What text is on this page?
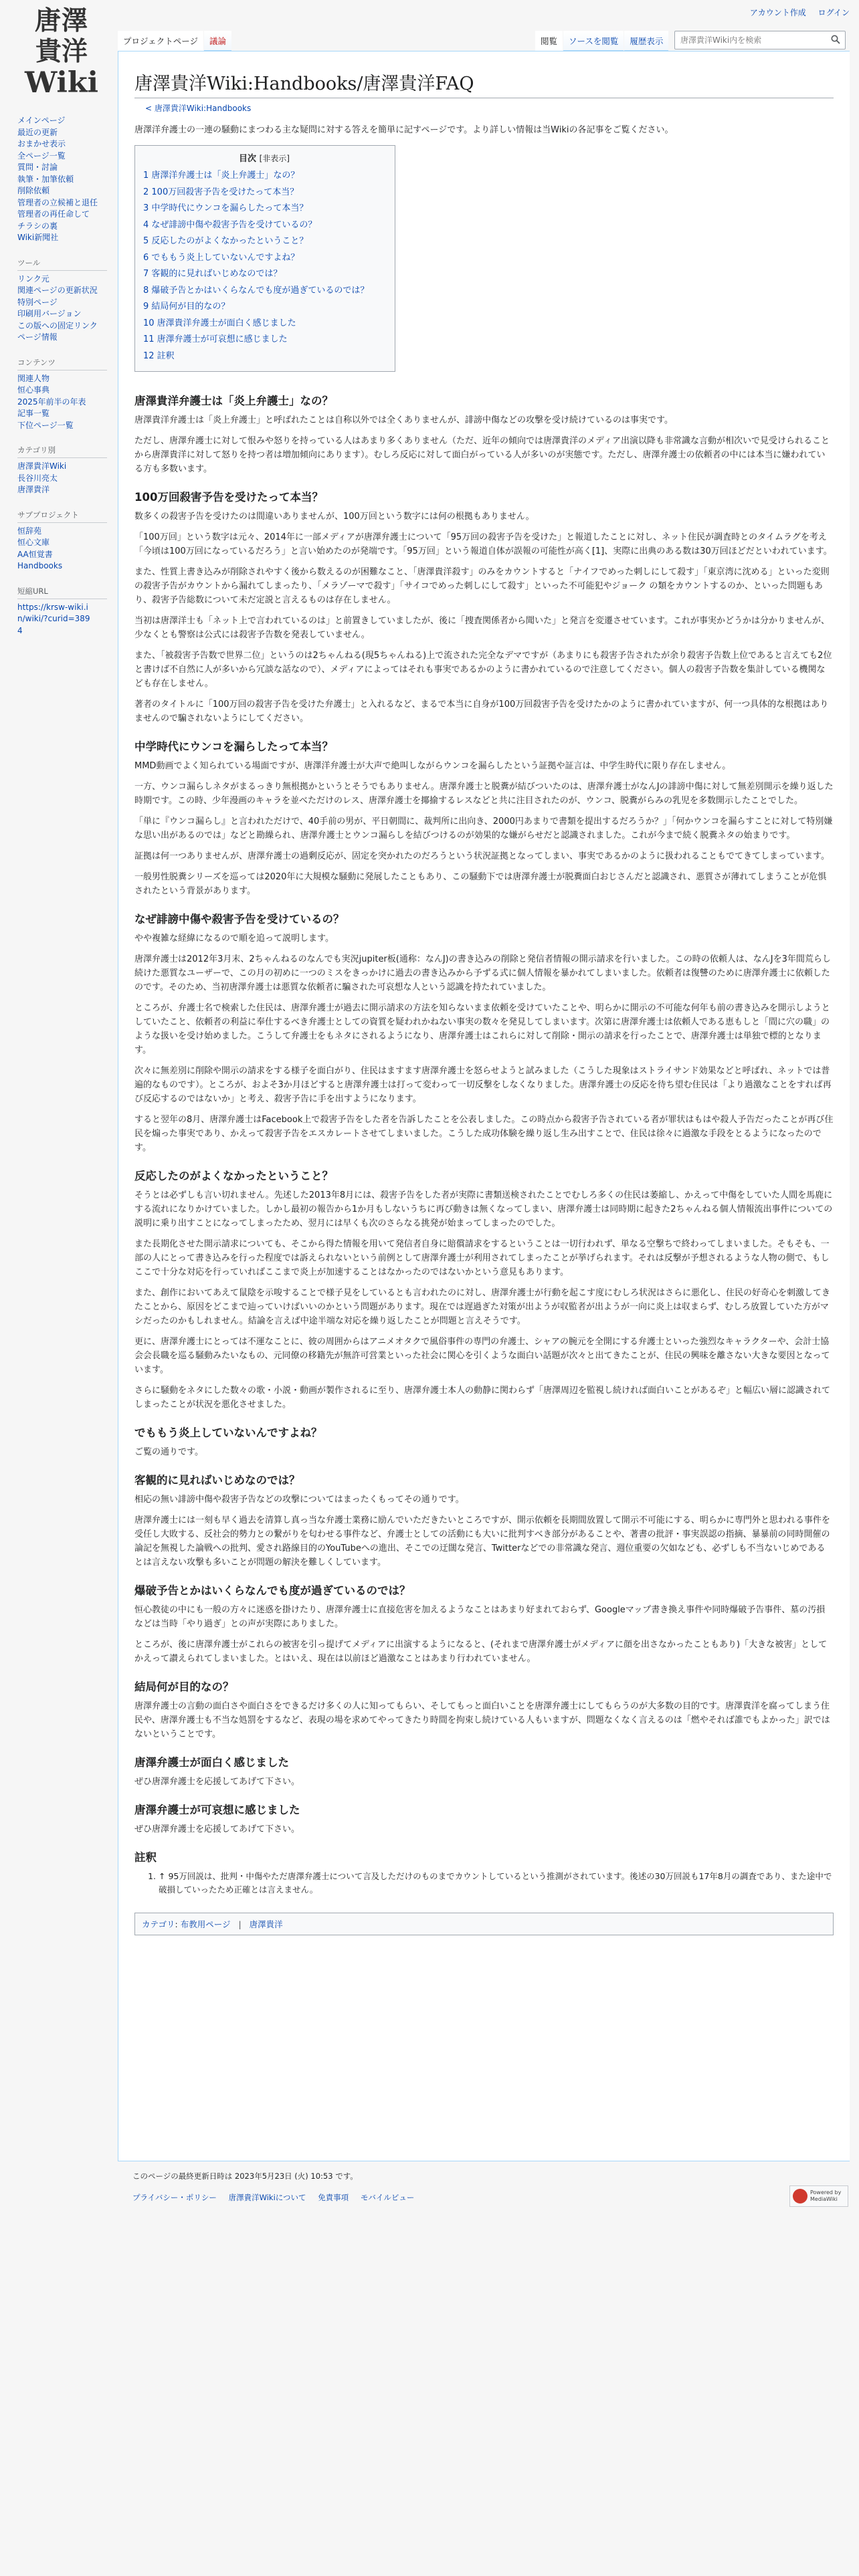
唐澤
貴洋
Wiki
アカウント作成 ログイン
プロジェクトページ	議論	閲覧	ソースを閲覧	履歴表示
唐澤貴洋Wiki内を検索
メインページ
最近の更新
おまかせ表示
全ページ一覧
質問・討論
執筆・加筆依頼
削除依頼
管理者の立候補と退任
管理者の再任命して
チラシの裏
Wiki新聞社
ツール
リンク元
関連ページの更新状況
特別ページ
印刷用バージョン
この版への固定リンク
ページ情報
コンテンツ
関連人物
恒心事典
2025年前半の年表
記事一覧
下位ページ一覧
カテゴリ別
唐澤貴洋Wiki
長谷川亮太
唐澤貴洋
サブプロジェクト
恒辞苑
恒心文庫
AA恒覚書
Handbooks
短縮URL
https://krsw-wiki.in/wiki/?curid=3894
唐澤貴洋Wiki:Handbooks/唐澤貴洋FAQ
< 唐澤貴洋Wiki:Handbooks

唐澤洋弁護士の一連の騒動にまつわる主な疑問に対する答えを簡単に記すページです。より詳しい情報は当Wikiの各記事をご覧ください。

目次 [非表示]
1 唐澤洋弁護士は「炎上弁護士」なの？
2 100万回殺害予告を受けたって本当？
3 中学時代にウンコを漏らしたって本当？
4 なぜ誹謗中傷や殺害予告を受けているの？
5 反応したのがよくなかったということ？
6 でももう炎上していないんですよね？
7 客観的に見ればいじめなのでは？
8 爆破予告とかはいくらなんでも度が過ぎているのでは？
9 結局何が目的なの？
10 唐澤貴洋弁護士が面白く感じました
11 唐澤弁護士が可哀想に感じました
12 註釈
唐澤貴洋弁護士は「炎上弁護士」なの？

唐澤貴洋弁護士は「炎上弁護士」と呼ばれたことは自称以外では全くありませんが、誹謗中傷などの攻撃を受け続けているのは事実です。

ただし、唐澤弁護士に対して恨みや怒りを持っている人はあまり多くありません（ただ、近年の傾向では唐澤貴洋のメディア出演以降も非常識な言動が相次いで見受けられることから唐澤貴洋に対して怒りを持つ者は増加傾向にあります）。むしろ反応に対して面白がっている人が多いのが実態です。ただし、唐澤弁護士の依頼者の中には本当に嫌われている方も多数います。

100万回殺害予告を受けたって本当？

数多くの殺害予告を受けたのは間違いありませんが、100万回という数字には何の根拠もありません。

「100万回」という数字は元々、2014年に一部メディアが唐澤弁護士について「95万回の殺害予告を受けた」と報道したことに対し、ネット住民が調査時とのタイムラグを考え「今頃は100万回になっているだろう」と言い始めたのが発端です。「95万回」という報道自体が誤報の可能性が高く[1]、実際に出典のある数は30万回ほどだといわれています。

また、性質上書き込みが削除されやすく後から数えるのが困難なこと、「唐澤貴洋殺す」のみをカウントすると「ナイフでめった刺しにして殺す」「東京湾に沈める」といった変則の殺害予告がカウントから漏れてしまったり、「メラゾーマで殺す」「サイコでめった刺しにして殺す」といった不可能犯やジョーク の類をカウントするのか、といった問題もあり、殺害予告総数について未だ定説と言えるものは存在しません。

当初は唐澤洋士も「ネット上で言われているのは」と前置きしていましたが、後に「捜査関係者から聞いた」と発言を変遷させています。これが事実かどうかは分かりませんが、少なくとも警察は公式には殺害予告数を発表していません。

また、「被殺害予告数で世界二位」というのは2ちゃんねる(現5ちゃんねる)上で流された完全なデマですが（あまりにも殺害予告されたが余り殺害予告数上位であると言えても2位と書けば不自然に人が多いから冗談な話なので）、メディアによってはそれも事実であるかのように書かれているので注意してください。個人の殺害予告数を集計している機関なども存在しません。

著者のタイトルに「100万回の殺害予告を受けた弁護士」と入れるなど、まるで本当に自身が100万回殺害予告を受けたかのように書かれていますが、何一つ具体的な根拠はありませんので騙されないようにしてください。

中学時代にウンコを漏らしたって本当？

MMD動画でよく知られている場面ですが、唐澤洋弁護士が大声で絶叫しながらウンコを漏らしたという証拠や証言は、中学生時代に限り存在しません。

一方、ウンコ漏らしネタがまるっきり無根拠かというとそうでもありません。唐澤弁護士と脱糞が結びついたのは、唐澤弁護士がなんJの誹謗中傷に対して無差別開示を繰り返した時期です。この時、少年漫画のキャラを並べただけのレス、唐澤弁護士を揶揄するレスなどと共に注目されたのが、ウンコ、脱糞がらみの乳児を多数開示したことでした。

「単に『ウンコ漏らし』と言われただけで、40手前の男が、平日朝間に、裁判所に出向き、2000円あまりで書類を提出するだろうか？」「何かウンコを漏らすことに対して特別嫌な思い出があるのでは」などと勘繰られ、唐澤弁護士とウンコ漏らしを結びつけるのが効果的な嫌がらせだと認識されました。これが今まで続く脱糞ネタの始まりです。

証拠は何一つありませんが、唐澤弁護士の過剰反応が、固定を突かれたのだろうという状況証拠となってしまい、事実であるかのように扱われることもでてきてしまっています。

一般男性脱糞シリーズを巡っては2020年に大規模な騒動に発展したこともあり、この騒動下では唐澤弁護士が脱糞面白おじさんだと認識され、悪質さが薄れてしまうことが危惧されたという背景があります。

なぜ誹謗中傷や殺害予告を受けているの？

やや複雑な経緯になるので順を追って説明します。

唐澤弁護士は2012年3月末、2ちゃんねるのなんでも実況jupiter板(通称：なんJ)の書き込みの削除と発信者情報の開示請求を行いました。この時の依頼人は、なんJを3年間荒らし続けた悪質なユーザーで、この月の初めに一つのミスをきっかけに過去の書き込みから予ずる式に個人情報を暴かれてしまいました。依頼者は復讐のために唐澤弁護士に依頼したのです。そのため、当初唐澤弁護士は悪質な依頼者に騙された可哀想な人という認識を持たれていました。

ところが、弁護士名で検索した住民は、唐澤弁護士が過去に開示請求の方法を知らないまま依頼を受けていたことや、明らかに開示の不可能な何年も前の書き込みを開示しようとしていたこと、依頼者の利益に奉仕するべき弁護士としての資質を疑われかねない事実の数々を発見してしまいます。次第に唐澤弁護士は依頼人である恵もしと「間に穴の職」のような扱いを受け始めました。こうして弁護士をもネタにされるようになり、唐澤弁護士はこれらに対して削除・開示の請求を行ったことで、唐澤弁護士は単独で標的となります。

次々に無差別に削除や開示の請求をする様子を面白がり、住民はますます唐澤弁護士を怒らせようと試みました（こうした現象はストライサンド効果などと呼ばれ、ネットでは普遍的なものです）。ところが、およそ3か月ほどすると唐澤弁護士は打って変わって一切反撃をしなくなりました。唐澤弁護士の反応を待ち望む住民は「より過激なことをすれば再び反応するのではないか」と考え、殺害予告に手を出すようになります。

すると翌年の8月、唐澤弁護士はFacebook上で殺害予告をした者を告訴したことを公表しました。この時点から殺害予告されている者が罪状はもはや殺人予告だったことが再び住民を煽った事実であり、かえって殺害予告をエスカレートさせてしまいました。こうした成功体験を繰り返し生み出すことで、住民は徐々に過激な手段をとるようになったのです。

反応したのがよくなかったということ？

そうとは必ずしも言い切れません。先述した2013年8月には、殺害予告をした者が実際に書類送検されたことでむしろ多くの住民は萎縮し、かえって中傷をしていた人間を馬鹿にする流れになりかけていました。しかし最初の報告から1か月もしないうちに再び動きは無くなってしまい、唐澤弁護士は同時期に起きた2ちゃんねる個人情報流出事件についての説明に乗り出すことになってしまったため、翌月には早くも次のさらなる挑発が始まってしまったのでした。

また長期化させた開示請求についても、そこから得た情報を用いて発信者自身に賠償請求をするということは一切行われず、単なる空撃ちで終わってしまいました。そもそも、一部の人にとって書き込みを行った程度では訴えられないという前例として唐澤弁護士が利用されてしまったことが挙げられます。それは反撃が予想されるような人物の側で、もしここで十分な対応を行っていればここまで炎上が加速することはなかったのではないかという意見もあります。

また、創作においてあえて鼠陰を示唆することで様子見をしているとも言われたのに対し、唐澤弁護士が行動を起こす度にむしろ状況はさらに悪化し、住民の好奇心を刺激してきたことから、原因をどこまで辿っていけばいいのかという問題があります。現在では遅過ぎた対策が出ようが収監者が出ようが一向に炎上は収まらず、むしろ放置していた方がマシだったのかもしれません。結論を言えば中途半端な対応を繰り返したことが問題と言えそうです。

更に、唐澤弁護士にとっては不運なことに、彼の周囲からはアニメオタクで風俗事件の専門の弁護士、シャアの腕元を全開にする弁護士といった強烈なキャラクターや、会計士協会会長職を巡る騒動みたいなもの、元同僚の移籍先が無許可営業といった社会に関心を引くような面白い話題が次々と出てきたことが、住民の興味を離さない大きな要因となっています。

さらに騒動をネタにした数々の歌・小説・動画が製作されるに至り、唐澤弁護士本人の動静に関わらず「唐澤周辺を監視し続ければ面白いことがあるぞ」と幅広い層に認識されてしまったことが状況を悪化させました。

でももう炎上していないんですよね？

ご覧の通りです。

客観的に見ればいじめなのでは？

相応の無い誹謗中傷や殺害予告などの攻撃についてはまったくもってその通りです。

唐澤弁護士には一刻も早く過去を清算し真っ当な弁護士業務に励んでいただきたいところですが、開示依頼を長期間放置して開示不可能にする、明らかに専門外と思われる事件を受任し大敗する、反社会的勢力との繋がりを匂わせる事件など、弁護士としての活動にも大いに批判すべき部分があることや、著書の批評・事実誤認の指摘、暴暴前の同時開催の論記を無視した論戦への批判、愛され路線目的のYouTubeへの進出、そこでの迂闊な発言、Twitterなどでの非常識な発言、週位重要の欠如なども、必ずしも不当ないじめであるとは言えない攻撃も多いことが問題の解決を難しくしています。

爆破予告とかはいくらなんでも度が過ぎているのでは？

恒心教徒の中にも一般の方々に迷惑を掛けたり、唐澤弁護士に直接危害を加えるようなことはあまり好まれておらず、Googleマップ書き換え事件や同時爆破予告事件、墓の汚損などは当時「やり過ぎ」との声が実際にありました。

ところが、後に唐澤弁護士がこれらの被害を引っ提げてメディアに出演するようになると、(それまで唐澤弁護士がメディアに顔を出さなかったこともあり)「大きな被害」としてかえって讃えられてしまいました。とはいえ、現在は以前ほど過激なことはあまり行われていません。

結局何が目的なの？

唐澤弁護士の言動の面白さや面白さをできるだけ多くの人に知ってもらい、そしてもっと面白いことを唐澤弁護士にしてもらうのが大多数の目的です。唐澤貴洋を腐ってしまう住民や、唐澤弁護士も不当な処罰をするなど、表現の場を求めてやってきたり時間を拘束し続けている人もいますが、問題なくなく言えるのは「燃やそれば誰でもよかった」訳ではないということです。

唐澤弁護士が面白く感じました

ぜひ唐澤弁護士を応援してあげて下さい。

唐澤弁護士が可哀想に感じました

ぜひ唐澤弁護士を応援してあげて下さい。

註釈
1. ↑ 95万回説は、批判・中傷やただ唐澤弁護士について言及しただけのものまでカウントしているという推測がされています。後述の30万回説も17年8月の調査であり、また途中で破損していったため正確とは言えません。
カテゴリ: 布教用ページ | 唐澤貴洋
このページの最終更新日時は 2023年5月23日 (火) 10:53 です。
プライバシー・ポリシー 唐澤貴洋Wikiについて 免責事項 モバイルビュー
Powered by MediaWiki
